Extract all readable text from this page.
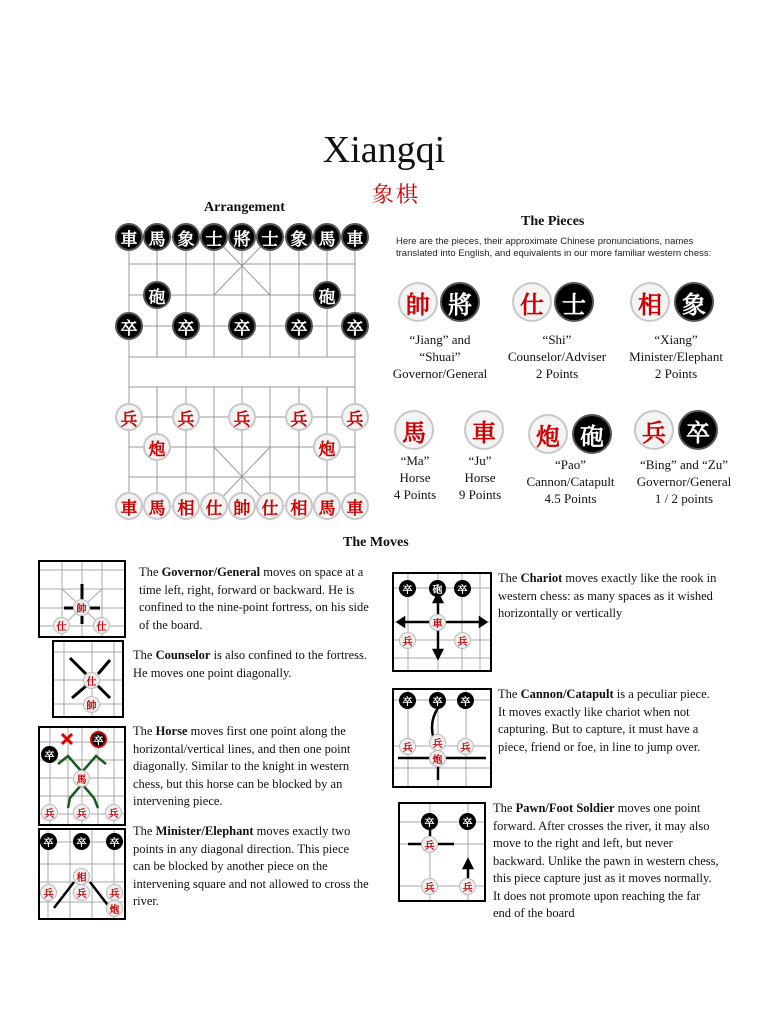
Xiangqi
象棋
Arrangement
車 馬 象 士 將 士 象 馬 車
砲	砲
卒	卒	卒	卒	卒
兵	兵	兵	兵	兵
炮	炮
車 馬 相 仕 帥 仕 相 馬 車
The Pieces
Here are the pieces, their approximate Chinese pronunciations, names translated into English, and equivalents in our more familiar western chess:
帥 將
“Jiang” and
“Shuai”
Governor/General
仕 士
“Shi”
Counselor/Adviser
2 Points
相 象
“Xiang”
Minister/Elephant
2 Points
馬
“Ma”
Horse
4 Points
車
“Ju”
Horse
9 Points
炮 砲
“Pao”
Cannon/Catapult
4.5 Points
兵 卒
“Bing” and “Zu”
Governor/General
1 / 2 points
The Moves
帥
仕	仕
The Governor/General moves on space at a time left, right, forward or backward. He is confined to the nine-point fortress, on his side of the board.
仕
帥
The Counselor is also confined to the fortress. He moves one point diagonally.
卒
卒
馬
兵	兵	兵
The Horse moves first one point along the horizontal/vertical lines, and then one point diagonally. Similar to the knight in western chess, but this horse can be blocked by an intervening piece.
卒	卒	卒
相
兵	兵	兵
炮
The Minister/Elephant moves exactly two points in any diagonal direction. This piece can be blocked by another piece on the intervening square and not allowed to cross the river.
卒	砲	卒
車
兵	兵
The Chariot moves exactly like the rook in western chess: as many spaces as it wished horizontally or vertically
卒	卒	卒
兵	兵	兵
炮
The Cannon/Catapult is a peculiar piece. It moves exactly like chariot when not capturing. But to capture, it must have a piece, friend or foe, in line to jump over.
卒	卒
兵
兵	兵
The Pawn/Foot Soldier moves one point forward. After crosses the river, it may also move to the right and left, but never backward. Unlike the pawn in western chess, this piece capture just as it moves normally. It does not promote upon reaching the far end of the board
